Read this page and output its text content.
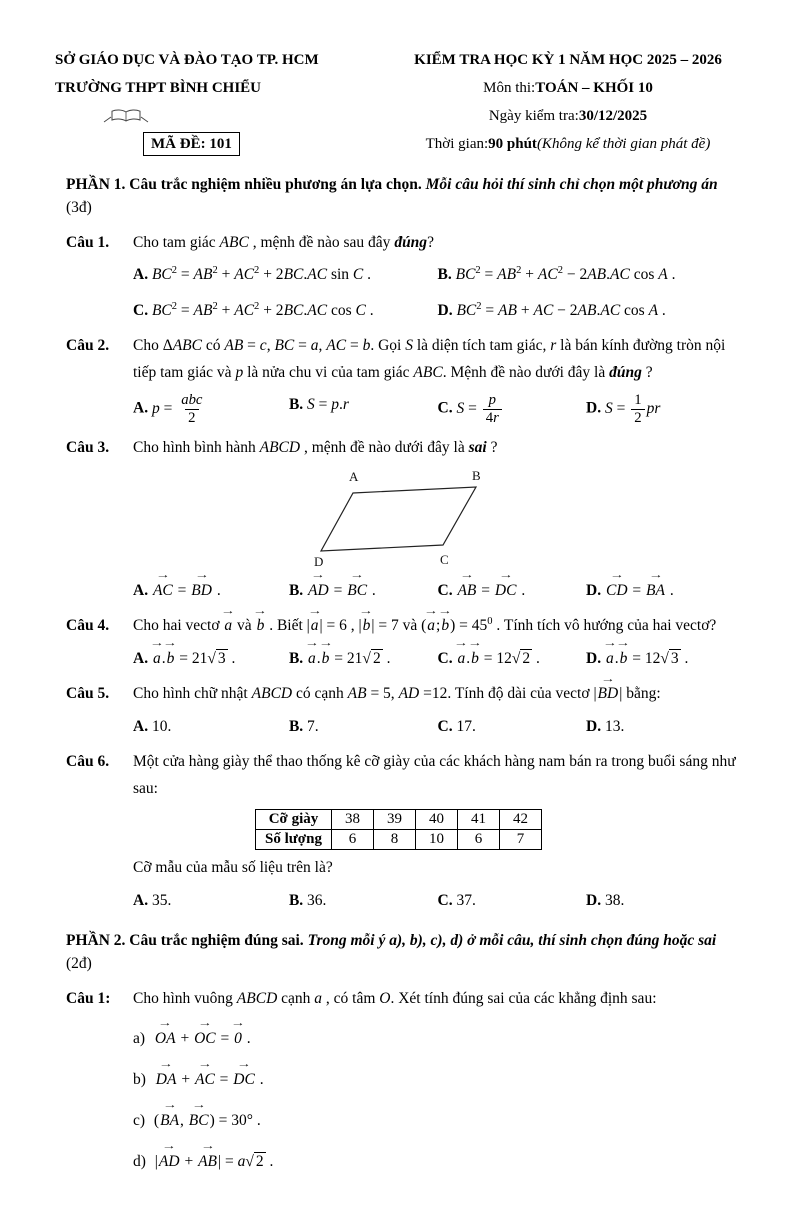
SỞ GIÁO DỤC VÀ ĐÀO TẠO TP. HCM
TRƯỜNG THPT BÌNH CHIỂU
MÃ ĐỀ: 101
KIỂM TRA HỌC KỲ 1 NĂM HỌC 2025 – 2026
Môn thi: TOÁN – KHỐI 10
Ngày kiểm tra: 30/12/2025
Thời gian: 90 phút (Không kể thời gian phát đề)
PHẦN 1. Câu trắc nghiệm nhiều phương án lựa chọn. Mỗi câu hỏi thí sinh chỉ chọn một phương án (3đ)
Câu 1.	Cho tam giác ABC , mệnh đề nào sau đây đúng?
A. $BC^2 = AB^2 + AC^2 + 2BC.AC$ sin C .	B. $BC^2 = AB^2 + AC^2 - 2AB.AC$ cos A .
C. $BC^2 = AB^2 + AC^2 + 2BC.AC$ cos C .	D. $BC^2$ = AB + AC − 2AB.AC cos A .
Câu 2.	Cho ΔABC có AB = c, BC = a, AC = b. Gọi S là diện tích tam giác, r là bán kính đường tròn nội tiếp tam giác và p là nửa chu vi của tam giác ABC. Mệnh đề nào dưới đây là đúng ?
A. $p = \frac{\text{abc}}{2}$	B. S = p.r	C. $S = \frac{p}{4r}$	D. $S = \frac{1}{2}$ pr
Câu 3.	Cho hình bình hành ABCD , mệnh đề nào dưới đây là sai ?
A	B
C
D
A. AC → = BD → .	B. AD → = BC → .	C. AB → = DC → .	D. CD → = BA → .
Câu 4.	Cho hai vectơ a → và b → . Biết |a →| = 6 , |b →| = 7 và (a →;b →) = $45^0$ . Tính tích vô hướng của hai vectơ?
A. a →.b → = 21√ 3 .	B. a →.b → = 21√ 2 .	C. a →.b → = 12√ 2 .	D. a →.b → = 12√ 3 .
Câu 5.	Cho hình chữ nhật ABCD có cạnh AB = 5, AD =12. Tính độ dài của vectơ |BD →| bằng:
A. 10.	B. 7.	C. 17.	D. 13.
Câu 6.	Một cửa hàng giày thể thao thống kê cỡ giày của các khách hàng nam bán ra trong buổi sáng như sau:
Cỡ giày	38	39	40	41	42
Số lượng	6	8	10	6	7
Cỡ mẫu của mẫu số liệu trên là?
A. 35.	B. 36.	C. 37.	D. 38.
PHẦN 2. Câu trắc nghiệm đúng sai. Trong mỗi ý a), b), c), d) ở mỗi câu, thí sinh chọn đúng hoặc sai (2đ)
Câu 1:	Cho hình vuông ABCD cạnh a , có tâm O. Xét tính đúng sai của các khẳng định sau:
a) OA → + OC → = 0 → .
b) DA → + AC → = DC → .
c) (BA →, BC →) = 30° .
d) |AD → + AB →| = a√ 2 .
